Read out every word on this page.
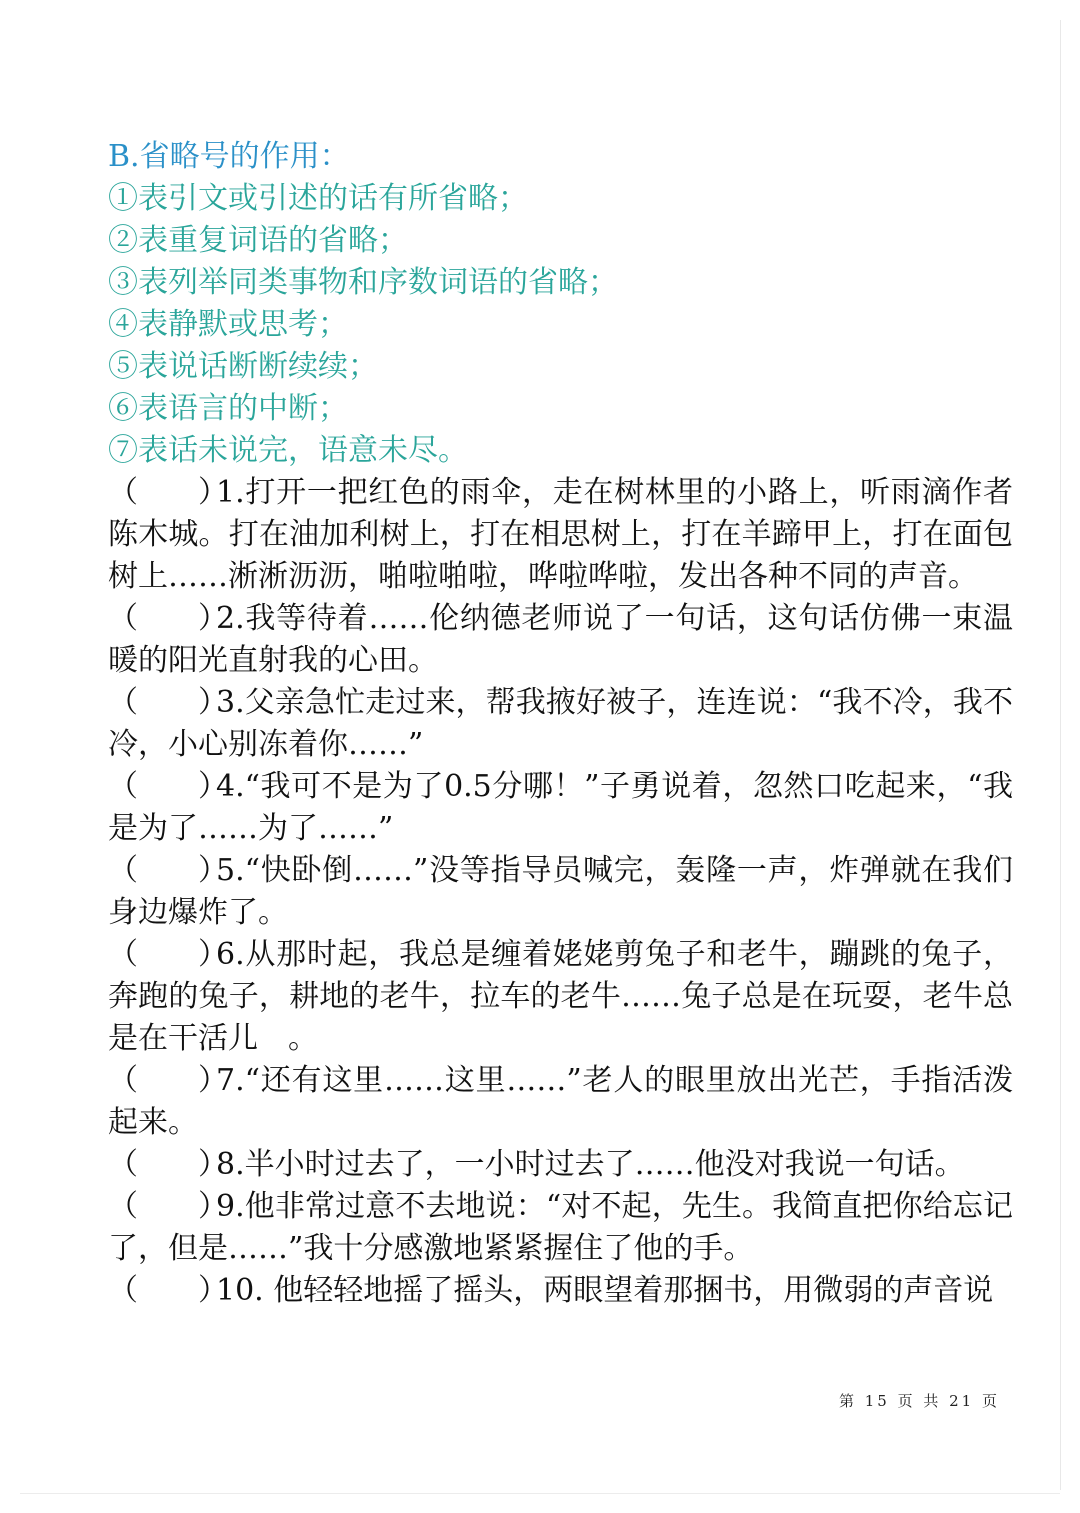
B.省略号的作用：
①表引文或引述的话有所省略；
②表重复词语的省略；
③表列举同类事物和序数词语的省略；
④表静默或思考；
⑤表说话断断续续；
⑥表语言的中断；
⑦表话未说完，语意未尽。

（　　）1.打开一把红色的雨伞，走在树林里的小路上，听雨滴作者陈木城。打在油加利树上，打在相思树上，打在羊蹄甲上，打在面包树上……淅淅沥沥，啪啦啪啦，哗啦哗啦，发出各种不同的声音。

（　　）2.我等待着……伦纳德老师说了一句话，这句话仿佛一束温暖的阳光直射我的心田。

（　　）3.父亲急忙走过来，帮我掖好被子，连连说：“我不冷，我不冷，小心别冻着你……”

（　　）4.“我可不是为了0.5分哪！”子勇说着，忽然口吃起来，“我是为了……为了……”

（　　）5.“快卧倒……”没等指导员喊完，轰隆一声，炸弹就在我们身边爆炸了。

（　　）6.从那时起，我总是缠着姥姥剪兔子和老牛，蹦跳的兔子，奔跑的兔子，耕地的老牛，拉车的老牛……兔子总是在玩耍，老牛总是在干活儿　。

（　　）7.“还有这里……这里……”老人的眼里放出光芒，手指活泼起来。

（　　）8.半小时过去了，一小时过去了……他没对我说一句话。

（　　）9.他非常过意不去地说：“对不起，先生。我简直把你给忘记了，但是……”我十分感激地紧紧握住了他的手。

（　　）10. 他轻轻地摇了摇头，两眼望着那捆书，用微弱的声音说

第 15 页 共 21 页
